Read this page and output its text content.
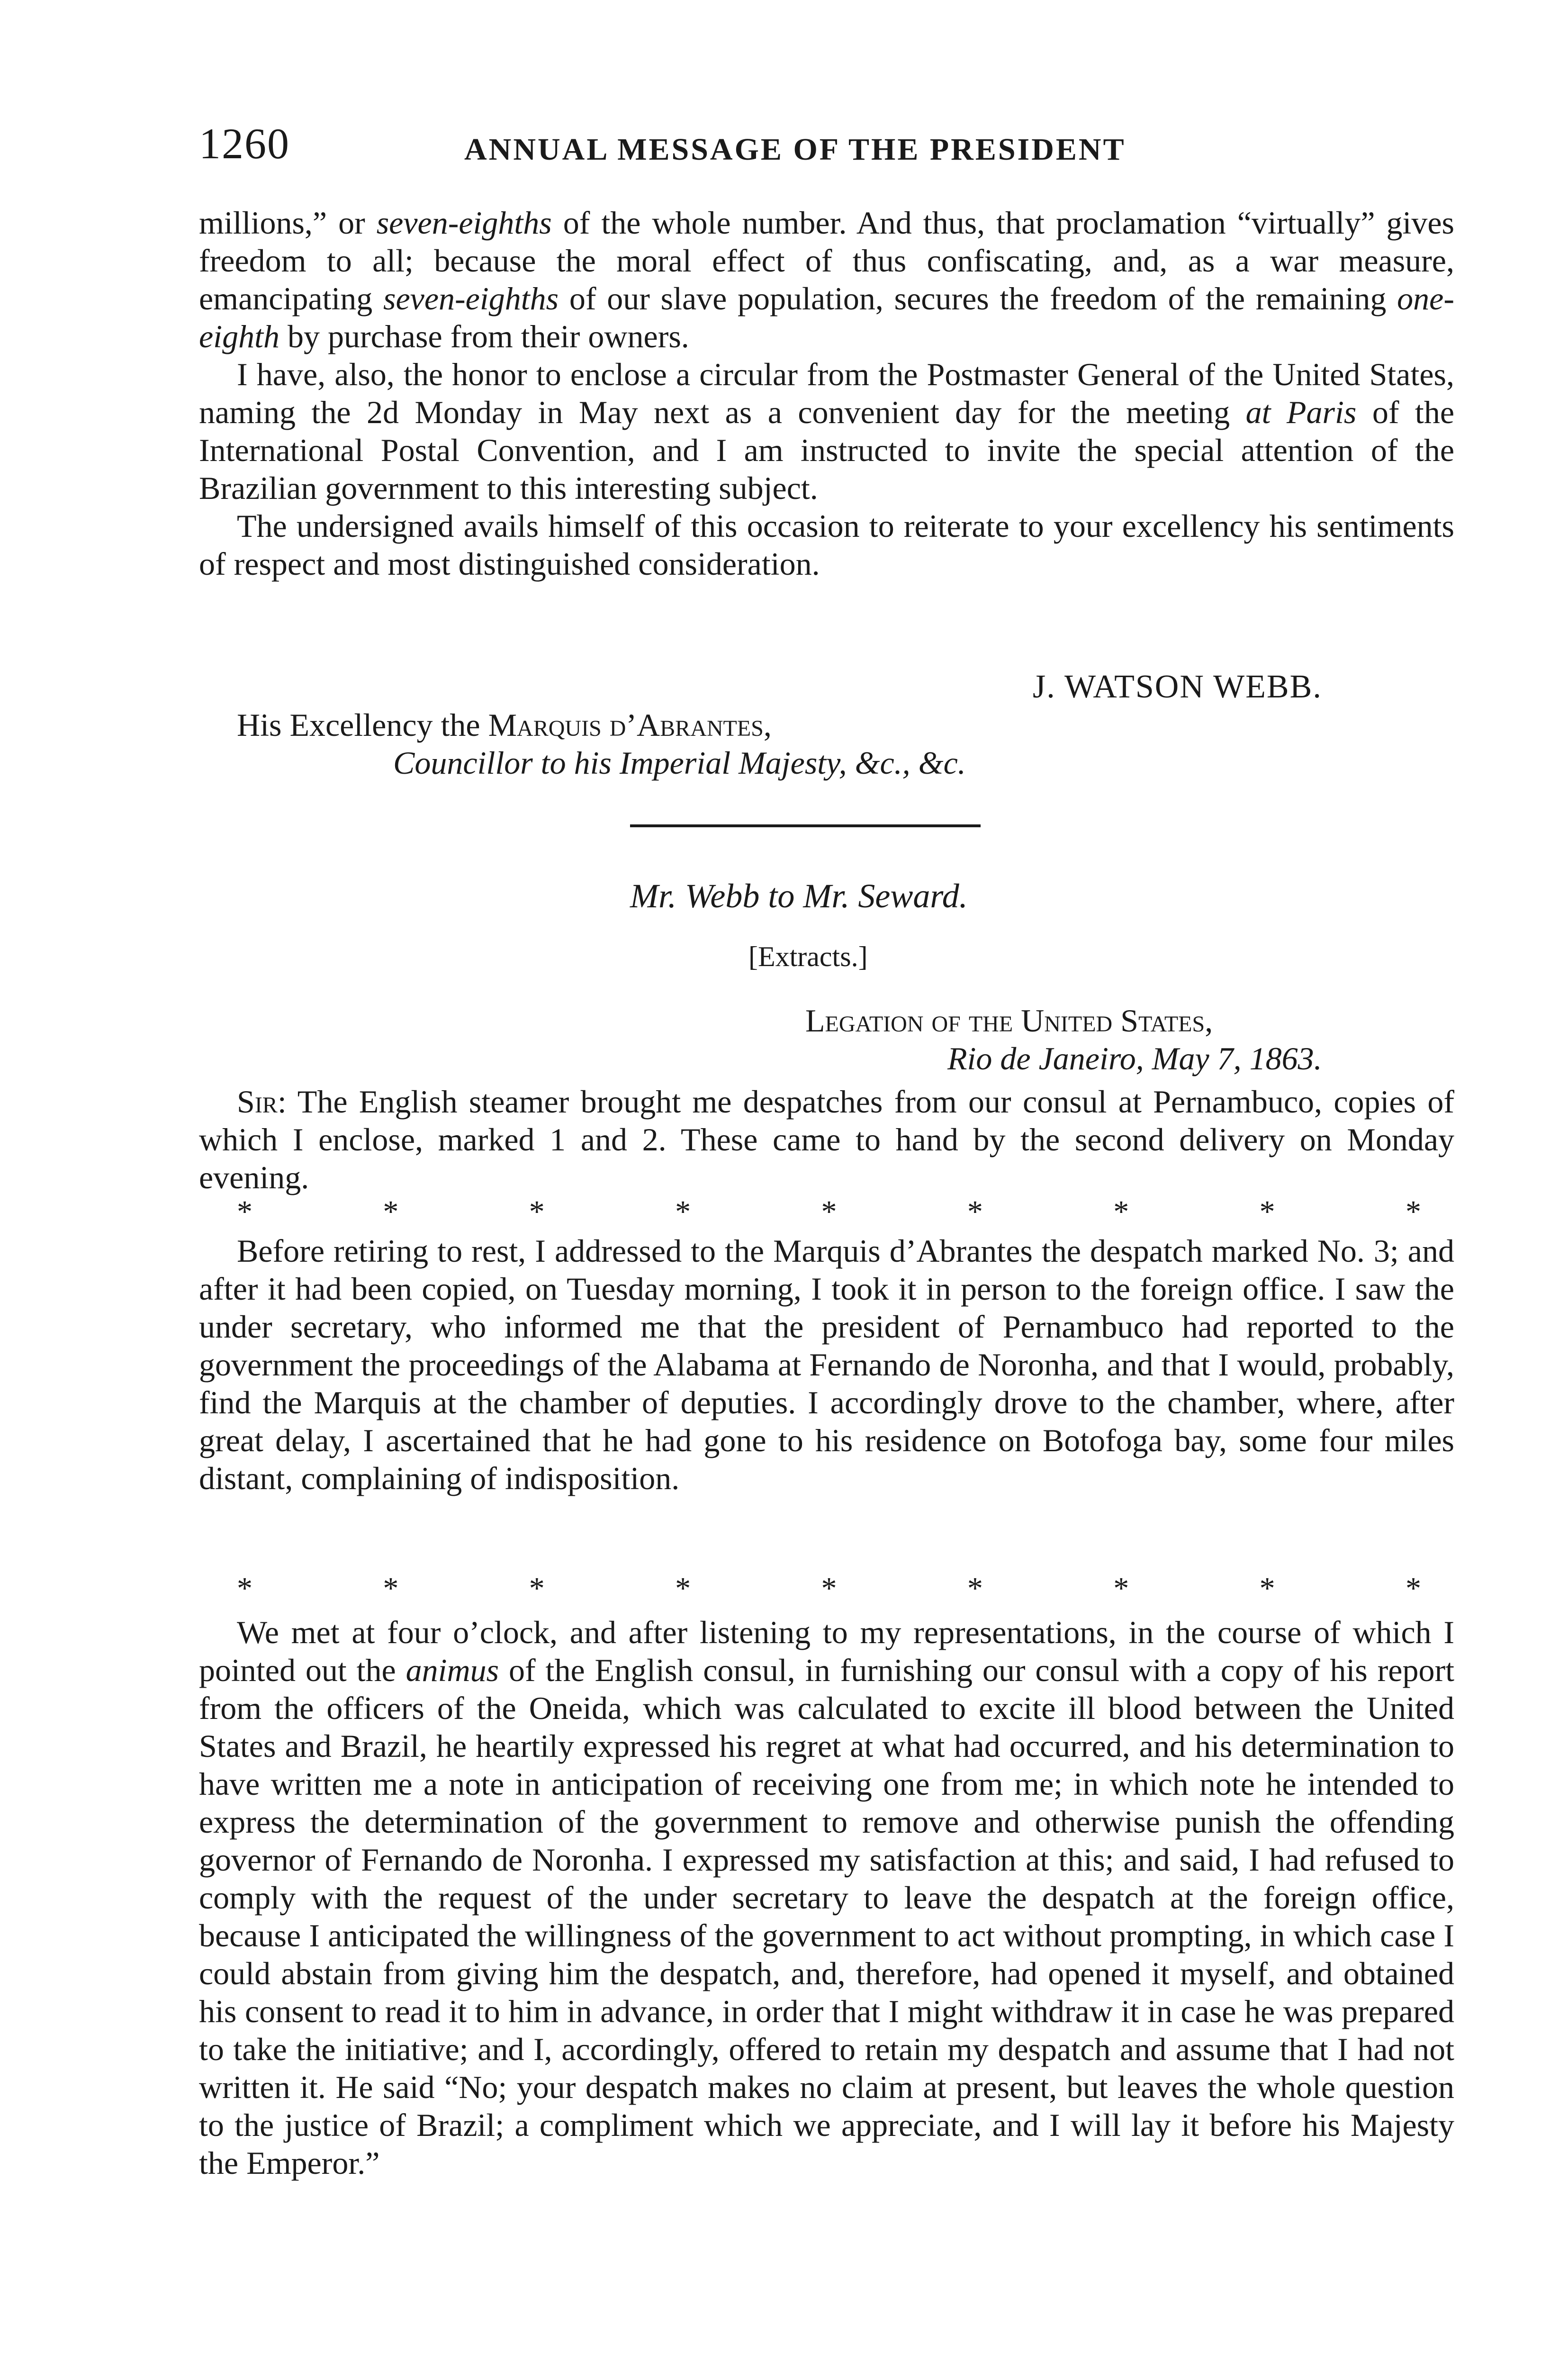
1260	ANNUAL MESSAGE OF THE PRESIDENT

millions,” or seven-eighths of the whole number. And thus, that proclamation “virtually” gives freedom to all; because the moral effect of thus confiscating, and, as a war measure, emancipating seven-eighths of our slave population, secures the freedom of the remaining one-eighth by purchase from their owners.

I have, also, the honor to enclose a circular from the Postmaster General of the United States, naming the 2d Monday in May next as a convenient day for the meeting at Paris of the International Postal Convention, and I am instructed to invite the special attention of the Brazilian government to this interesting subject.

The undersigned avails himself of this occasion to reiterate to your excellency his sentiments of respect and most distinguished consideration.

J. WATSON WEBB.
His Excellency the Marquis d’Abrantes,
Councillor to his Imperial Majesty, &c., &c.
Mr. Webb to Mr. Seward.
[Extracts.]
Legation of the United States,
Rio de Janeiro, May 7, 1863.

Sir: The English steamer brought me despatches from our consul at Pernambuco, copies of which I enclose, marked 1 and 2. These came to hand by the second delivery on Monday evening.

*	*	*	*	*	*	*	*	*

Before retiring to rest, I addressed to the Marquis d’Abrantes the despatch marked No. 3; and after it had been copied, on Tuesday morning, I took it in person to the foreign office. I saw the under secretary, who informed me that the president of Pernambuco had reported to the government the proceedings of the Alabama at Fernando de Noronha, and that I would, probably, find the Marquis at the chamber of deputies. I accordingly drove to the chamber, where, after great delay, I ascertained that he had gone to his residence on Botofoga bay, some four miles distant, complaining of indisposition.

*	*	*	*	*	*	*	*	*

We met at four o’clock, and after listening to my representations, in the course of which I pointed out the animus of the English consul, in furnishing our consul with a copy of his report from the officers of the Oneida, which was calculated to excite ill blood between the United States and Brazil, he heartily expressed his regret at what had occurred, and his determination to have written me a note in anticipation of receiving one from me; in which note he intended to express the determination of the government to remove and otherwise punish the offending governor of Fernando de Noronha. I expressed my satisfaction at this; and said, I had refused to comply with the request of the under secretary to leave the despatch at the foreign office, because I anticipated the willingness of the government to act without prompting, in which case I could abstain from giving him the despatch, and, therefore, had opened it myself, and obtained his consent to read it to him in advance, in order that I might withdraw it in case he was prepared to take the initiative; and I, accordingly, offered to retain my despatch and assume that I had not written it. He said “No; your despatch makes no claim at present, but leaves the whole question to the justice of Brazil; a compliment which we appreciate, and I will lay it before his Majesty the Emperor.”
